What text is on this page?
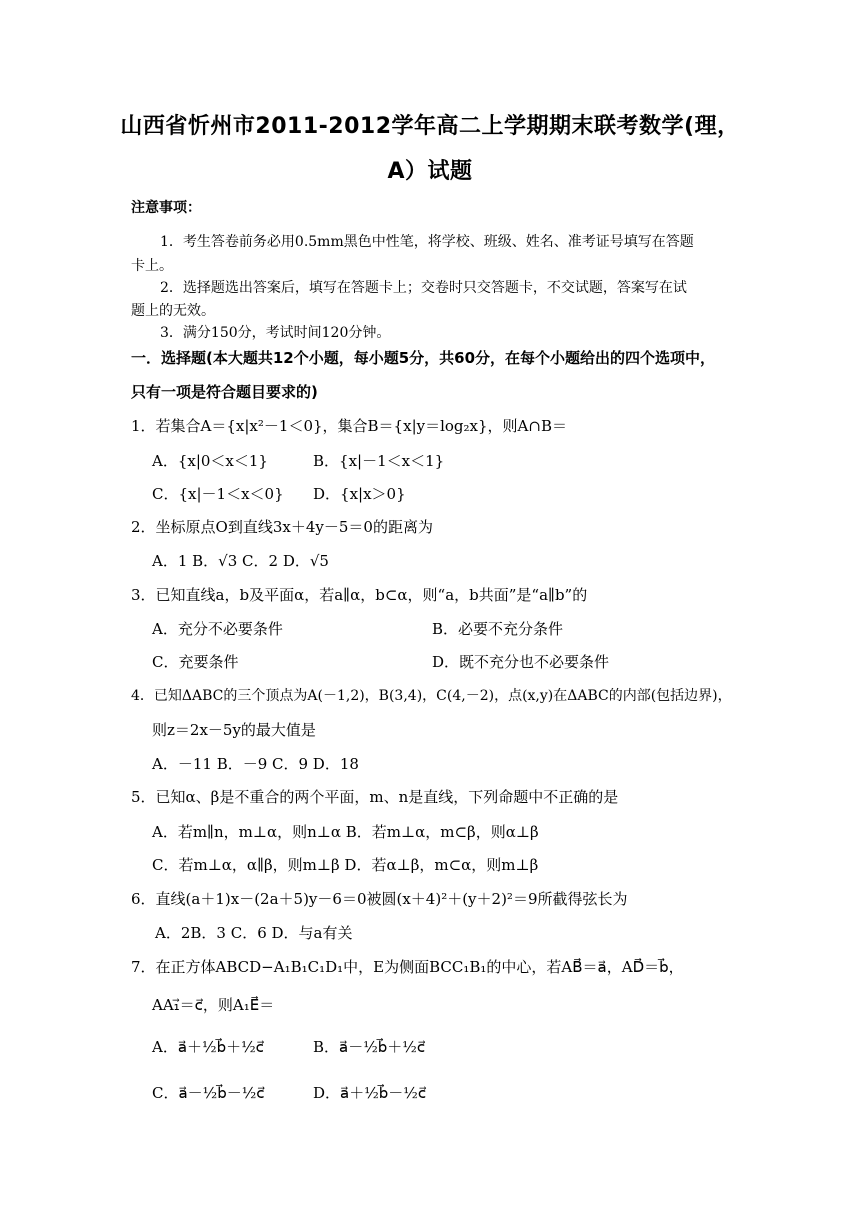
山西省忻州市2011-2012学年高二上学期期末联考数学(理，
A）试题
注意事项：
1．考生答卷前务必用0.5mm黑色中性笔，将学校、班级、姓名、准考证号填写在答题
卡上。
2．选择题选出答案后，填写在答题卡上；交卷时只交答题卡，不交试题，答案写在试
题上的无效。
3．满分150分，考试时间120分钟。
一．选择题(本大题共12个小题，每小题5分，共60分，在每个小题给出的四个选项中，
只有一项是符合题目要求的)
1．若集合A＝{x|x²－1＜0}，集合B＝{x|y＝log₂x}，则A∩B＝
A．{x|0＜x＜1}	B．{x|－1＜x＜1}
C．{x|－1＜x＜0} D．{x|x＞0}
2．坐标原点O到直线3x＋4y－5＝0的距离为
A．1 B．√3 C．2 D．√5
3．已知直线a，b及平面α，若a∥α，b⊂α，则“a，b共面”是“a∥b”的
A．充分不必要条件	B．必要不充分条件
C．充要条件	D．既不充分也不必要条件
4．已知ΔABC的三个顶点为A(－1,2)，B(3,4)，C(4,－2)，点(x,y)在ΔABC的内部(包括边界)，
则z＝2x－5y的最大值是
A．－11 B．－9 C．9 D．18
5．已知α、β是不重合的两个平面，m、n是直线，下列命题中不正确的是
A．若m∥n，m⊥α，则n⊥α B．若m⊥α，m⊂β，则α⊥β
C．若m⊥α，α∥β，则m⊥β D．若α⊥β，m⊂α，则m⊥β
6．直线(a＋1)x－(2a＋5)y－6＝0被圆(x＋4)²＋(y＋2)²＝9所截得弦长为
A．2B．3 C．6 D．与a有关
7．在正方体ABCD−A₁B₁C₁D₁中，E为侧面BCC₁B₁的中心，若AB⃗＝a⃗，AD⃗＝b⃗，
AA₁⃗＝c⃗，则A₁E⃗＝
A．a⃗＋½b⃗＋½c⃗	B．a⃗－½b⃗＋½c⃗
C．a⃗－½b⃗－½c⃗	D．a⃗＋½b⃗－½c⃗
